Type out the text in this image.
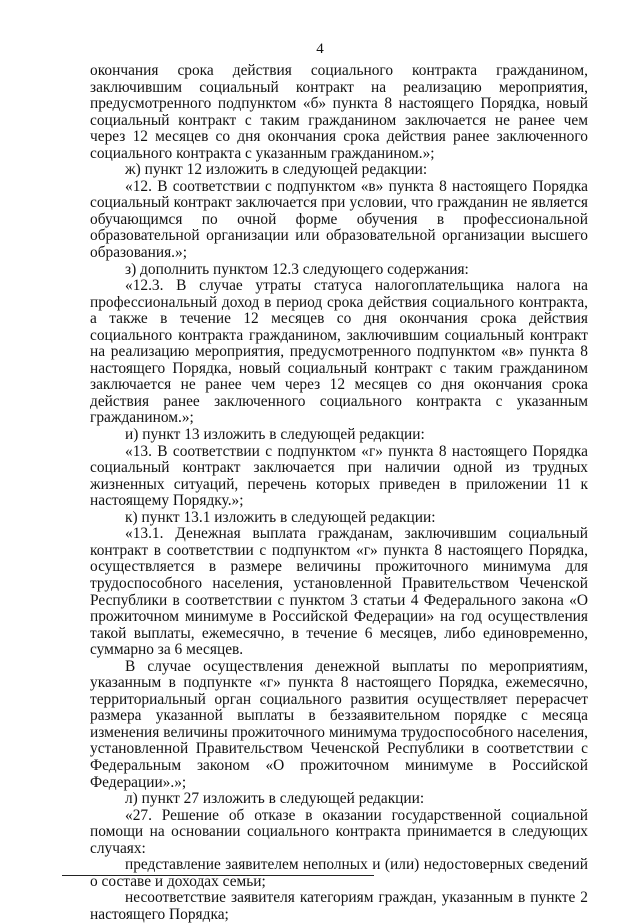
4

окончания срока действия социального контракта гражданином, заключившим социальный контракт на реализацию мероприятия, предусмотренного подпунктом «б» пункта 8 настоящего Порядка, новый социальный контракт с таким гражданином заключается не ранее чем через 12 месяцев со дня окончания срока действия ранее заключенного социального контракта с указанным гражданином.»;

ж) пункт 12 изложить в следующей редакции:

«12. В соответствии с подпунктом «в» пункта 8 настоящего Порядка социальный контракт заключается при условии, что гражданин не является обучающимся по очной форме обучения в профессиональной образовательной организации или образовательной организации высшего образования.»;

з) дополнить пунктом 12.3 следующего содержания:

«12.3. В случае утраты статуса налогоплательщика налога на профессиональный доход в период срока действия социального контракта, а также в течение 12 месяцев со дня окончания срока действия социального контракта гражданином, заключившим социальный контракт на реализацию мероприятия, предусмотренного подпунктом «в» пункта 8 настоящего Порядка, новый социальный контракт с таким гражданином заключается не ранее чем через 12 месяцев со дня окончания срока действия ранее заключенного социального контракта с указанным гражданином.»;

и) пункт 13 изложить в следующей редакции:

«13. В соответствии с подпунктом «г» пункта 8 настоящего Порядка социальный контракт заключается при наличии одной из трудных жизненных ситуаций, перечень которых приведен в приложении 11 к настоящему Порядку.»;

к) пункт 13.1 изложить в следующей редакции:

«13.1. Денежная выплата гражданам, заключившим социальный контракт в соответствии с подпунктом «г» пункта 8 настоящего Порядка, осуществляется в размере величины прожиточного минимума для трудоспособного населения, установленной Правительством Чеченской Республики в соответствии с пунктом 3 статьи 4 Федерального закона «О прожиточном минимуме в Российской Федерации» на год осуществления такой выплаты, ежемесячно, в течение 6 месяцев, либо единовременно, суммарно за 6 месяцев.

В случае осуществления денежной выплаты по мероприятиям, указанным в подпункте «г» пункта 8 настоящего Порядка, ежемесячно, территориальный орган социального развития осуществляет перерасчет размера указанной выплаты в беззаявительном порядке с месяца изменения величины прожиточного минимума трудоспособного населения, установленной Правительством Чеченской Республики в соответствии с Федеральным законом «О прожиточном минимуме в Российской Федерации».»;

л) пункт 27 изложить в следующей редакции:

«27. Решение об отказе в оказании государственной социальной помощи на основании социального контракта принимается в следующих случаях:

представление заявителем неполных и (или) недостоверных сведений о составе и доходах семьи;

несоответствие заявителя категориям граждан, указанным в пункте 2 настоящего Порядка;
